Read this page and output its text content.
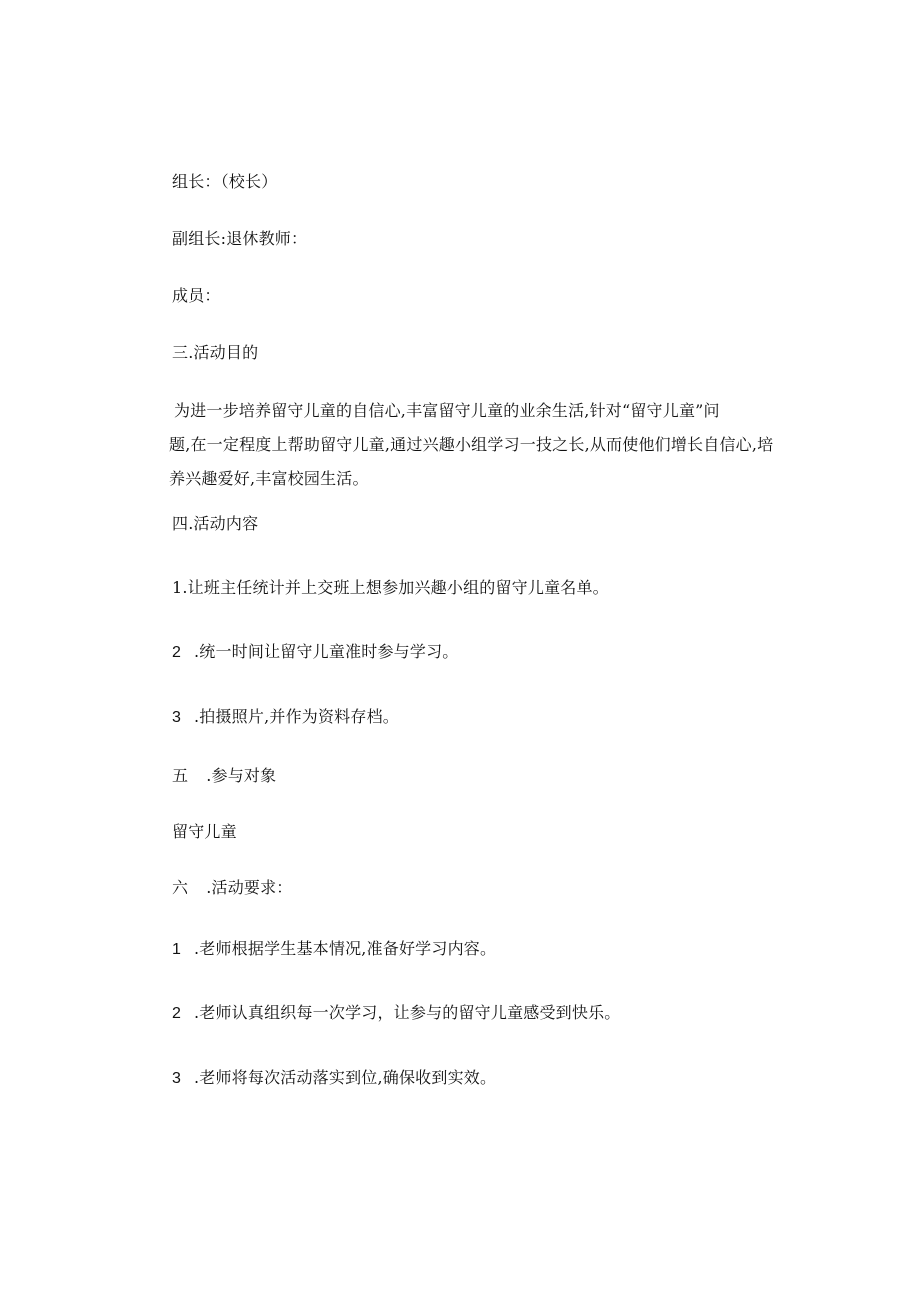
组长：（校长）
副组长:退休教师：
成员：
三.活动目的
为进一步培养留守儿童的自信心,丰富留守儿童的业余生活,针对“留守儿童”问
题,在一定程度上帮助留守儿童,通过兴趣小组学习一技之长,从而使他们增长自信心,培
养兴趣爱好,丰富校园生活。
四.活动内容
1.让班主任统计并上交班上想参加兴趣小组的留守儿童名单。
2 .统一时间让留守儿童准时参与学习。
3 .拍摄照片,并作为资料存档。
五 .参与对象
留守儿童
六 .活动要求：
1 .老师根据学生基本情况,准备好学习内容。
2 .老师认真组织每一次学习，让参与的留守儿童感受到快乐。
3 .老师将每次活动落实到位,确保收到实效。
